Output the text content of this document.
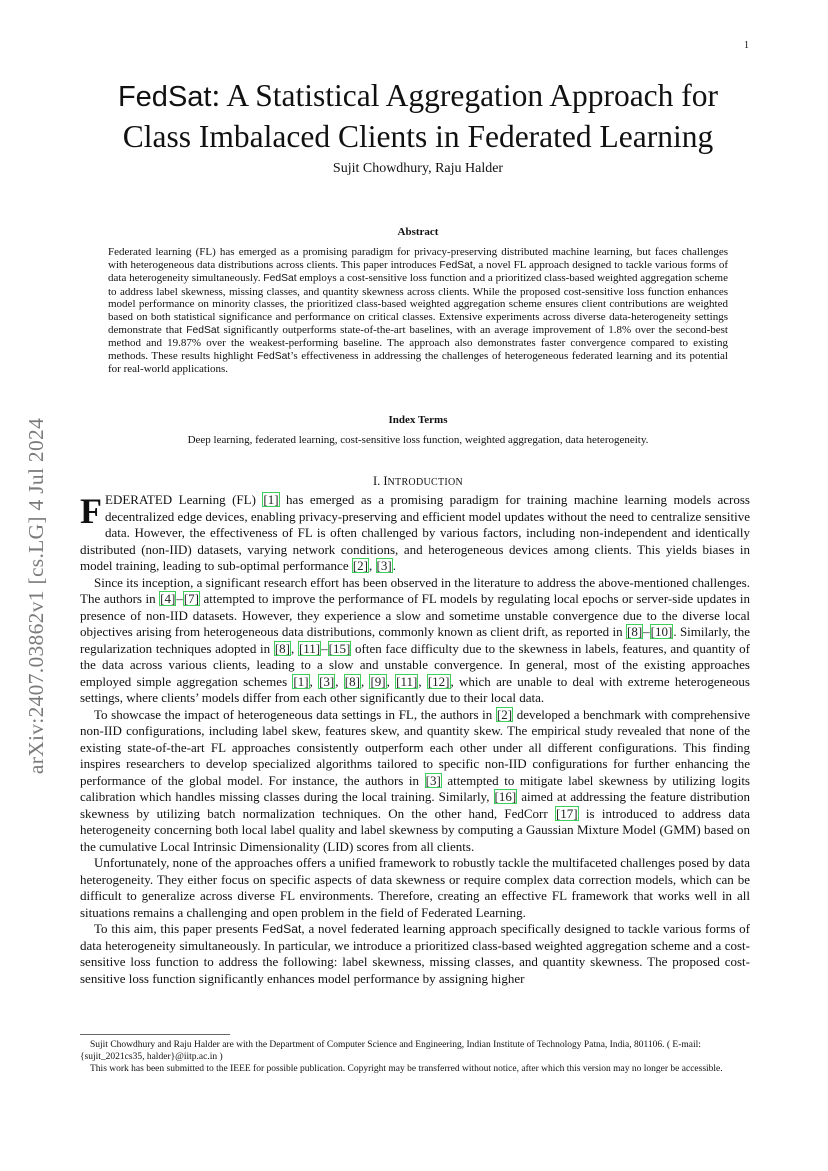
1
arXiv:2407.03862v1 [cs.LG] 4 Jul 2024
FedSat: A Statistical Aggregation Approach for
Class Imbalaced Clients in Federated Learning
Sujit Chowdhury, Raju Halder
Abstract
Federated learning (FL) has emerged as a promising paradigm for privacy-preserving distributed machine learning, but faces challenges with heterogeneous data distributions across clients. This paper introduces FedSat, a novel FL approach designed to tackle various forms of data heterogeneity simultaneously. FedSat employs a cost-sensitive loss function and a prioritized class-based weighted aggregation scheme to address label skewness, missing classes, and quantity skewness across clients. While the proposed cost-sensitive loss function enhances model performance on minority classes, the prioritized class-based weighted aggregation scheme ensures client contributions are weighted based on both statistical significance and performance on critical classes. Extensive experiments across diverse data-heterogeneity settings demonstrate that FedSat significantly outperforms state-of-the-art baselines, with an average improvement of 1.8% over the second-best method and 19.87% over the weakest-performing baseline. The approach also demonstrates faster convergence compared to existing methods. These results highlight FedSat’s effectiveness in addressing the challenges of heterogeneous federated learning and its potential for real-world applications.
Index Terms
Deep learning, federated learning, cost-sensitive loss function, weighted aggregation, data heterogeneity.
I. INTRODUCTION

FEDERATED Learning (FL) [1] has emerged as a promising paradigm for training machine learning models across decentralized edge devices, enabling privacy-preserving and efficient model updates without the need to centralize sensitive data. However, the effectiveness of FL is often challenged by various factors, including non-independent and identically distributed (non-IID) datasets, varying network conditions, and heterogeneous devices among clients. This yields biases in model training, leading to sub-optimal performance [2], [3].

Since its inception, a significant research effort has been observed in the literature to address the above-mentioned challenges. The authors in [4]–[7] attempted to improve the performance of FL models by regulating local epochs or server-side updates in presence of non-IID datasets. However, they experience a slow and sometime unstable convergence due to the diverse local objectives arising from heterogeneous data distributions, commonly known as client drift, as reported in [8]–[10]. Similarly, the regularization techniques adopted in [8], [11]–[15] often face difficulty due to the skewness in labels, features, and quantity of the data across various clients, leading to a slow and unstable convergence. In general, most of the existing approaches employed simple aggregation schemes [1], [3], [8], [9], [11], [12], which are unable to deal with extreme heterogeneous settings, where clients’ models differ from each other significantly due to their local data.

To showcase the impact of heterogeneous data settings in FL, the authors in [2] developed a benchmark with comprehensive non-IID configurations, including label skew, features skew, and quantity skew. The empirical study revealed that none of the existing state-of-the-art FL approaches consistently outperform each other under all different configurations. This finding inspires researchers to develop specialized algorithms tailored to specific non-IID configurations for further enhancing the performance of the global model. For instance, the authors in [3] attempted to mitigate label skewness by utilizing logits calibration which handles missing classes during the local training. Similarly, [16] aimed at addressing the feature distribution skewness by utilizing batch normalization techniques. On the other hand, FedCorr [17] is introduced to address data heterogeneity concerning both local label quality and label skewness by computing a Gaussian Mixture Model (GMM) based on the cumulative Local Intrinsic Dimensionality (LID) scores from all clients.

Unfortunately, none of the approaches offers a unified framework to robustly tackle the multifaceted challenges posed by data heterogeneity. They either focus on specific aspects of data skewness or require complex data correction models, which can be difficult to generalize across diverse FL environments. Therefore, creating an effective FL framework that works well in all situations remains a challenging and open problem in the field of Federated Learning.

To this aim, this paper presents FedSat, a novel federated learning approach specifically designed to tackle various forms of data heterogeneity simultaneously. In particular, we introduce a prioritized class-based weighted aggregation scheme and a cost-sensitive loss function to address the following: label skewness, missing classes, and quantity skewness. The proposed cost-sensitive loss function significantly enhances model performance by assigning higher

Sujit Chowdhury and Raju Halder are with the Department of Computer Science and Engineering, Indian Institute of Technology Patna, India, 801106. ( E-mail: {sujit_2021cs35, halder}@iitp.ac.in )

This work has been submitted to the IEEE for possible publication. Copyright may be transferred without notice, after which this version may no longer be accessible.
